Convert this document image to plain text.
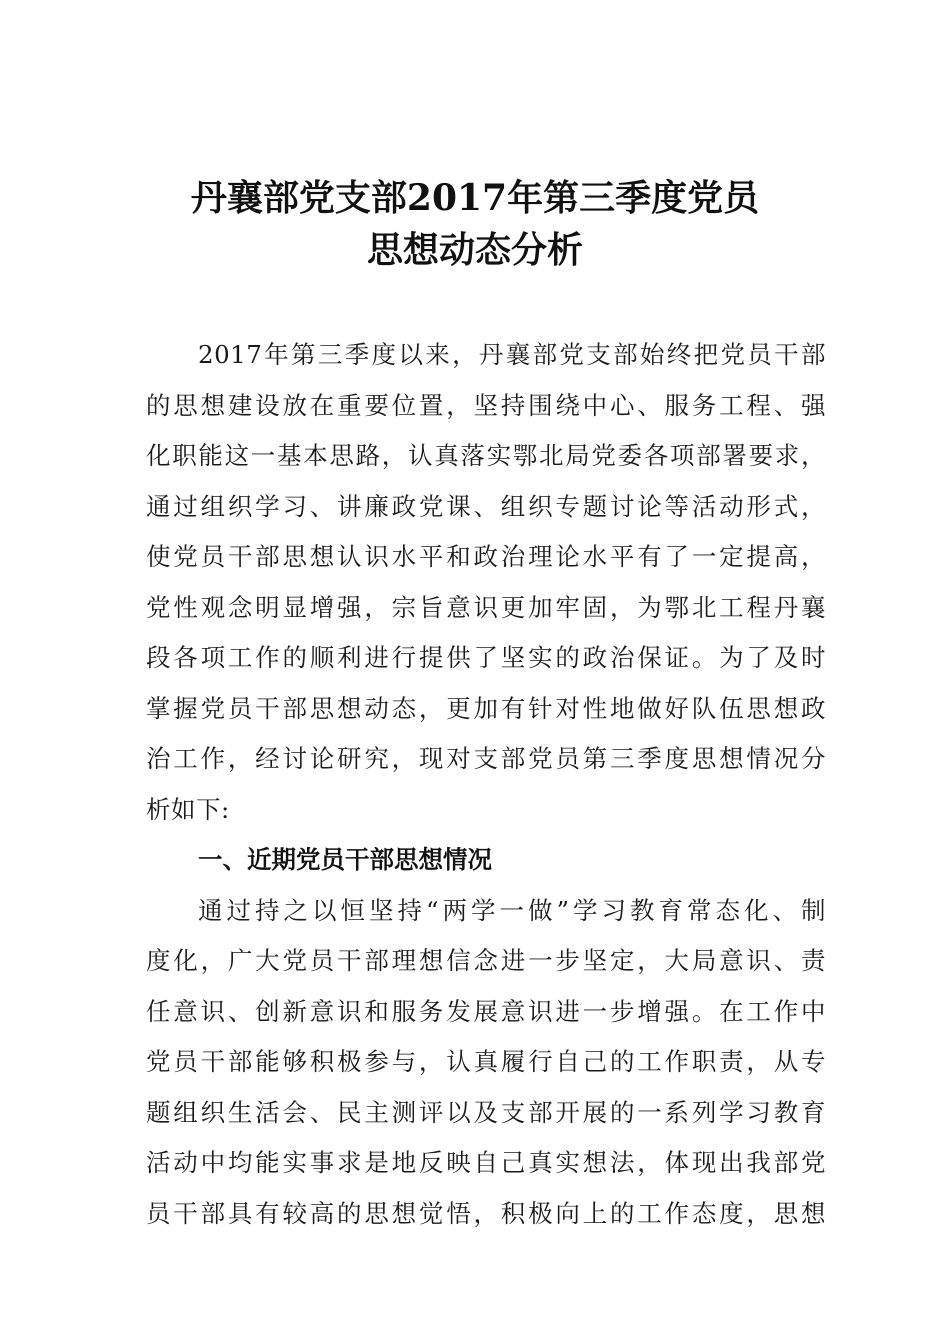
丹襄部党支部2017年第三季度党员
思想动态分析
2017年第三季度以来，丹襄部党支部始终把党员干部
的思想建设放在重要位置，坚持围绕中心、服务工程、强
化职能这一基本思路，认真落实鄂北局党委各项部署要求，
通过组织学习、讲廉政党课、组织专题讨论等活动形式，
使党员干部思想认识水平和政治理论水平有了一定提高，
党性观念明显增强，宗旨意识更加牢固，为鄂北工程丹襄
段各项工作的顺利进行提供了坚实的政治保证。为了及时
掌握党员干部思想动态，更加有针对性地做好队伍思想政
治工作，经讨论研究，现对支部党员第三季度思想情况分
析如下:
一、近期党员干部思想情况
通过持之以恒坚持“两学一做”学习教育常态化、制
度化，广大党员干部理想信念进一步坚定，大局意识、责
任意识、创新意识和服务发展意识进一步增强。在工作中
党员干部能够积极参与，认真履行自己的工作职责，从专
题组织生活会、民主测评以及支部开展的一系列学习教育
活动中均能实事求是地反映自己真实想法，体现出我部党
员干部具有较高的思想觉悟，积极向上的工作态度，思想
